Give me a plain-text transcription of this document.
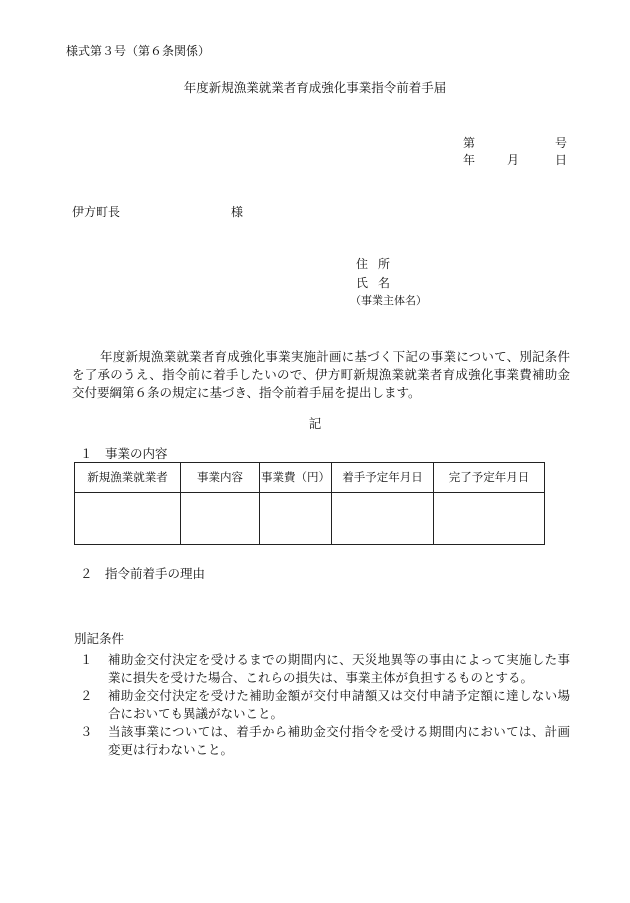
様式第３号（第６条関係）
年度新規漁業就業者育成強化事業指令前着手届
第	号
年	月	日
伊方町長	様
住所
氏名
（事業主体名）
年度新規漁業就業者育成強化事業実施計画に基づく下記の事業について、別記条件を了承のうえ、指令前に着手したいので、伊方町新規漁業就業者育成強化事業費補助金交付要綱第６条の規定に基づき、指令前着手届を提出します。
記
１　事業の内容
新規漁業就業者	事業内容	事業費（円）	着手予定年月日	完了予定年月日

２　指令前着手の理由
別記条件
１ 補助金交付決定を受けるまでの期間内に、天災地異等の事由によって実施した事業に損失を受けた場合、これらの損失は、事業主体が負担するものとする。
２ 補助金交付決定を受けた補助金額が交付申請額又は交付申請予定額に達しない場合においても異議がないこと。
３ 当該事業については、着手から補助金交付指令を受ける期間内においては、計画変更は行わないこと。
